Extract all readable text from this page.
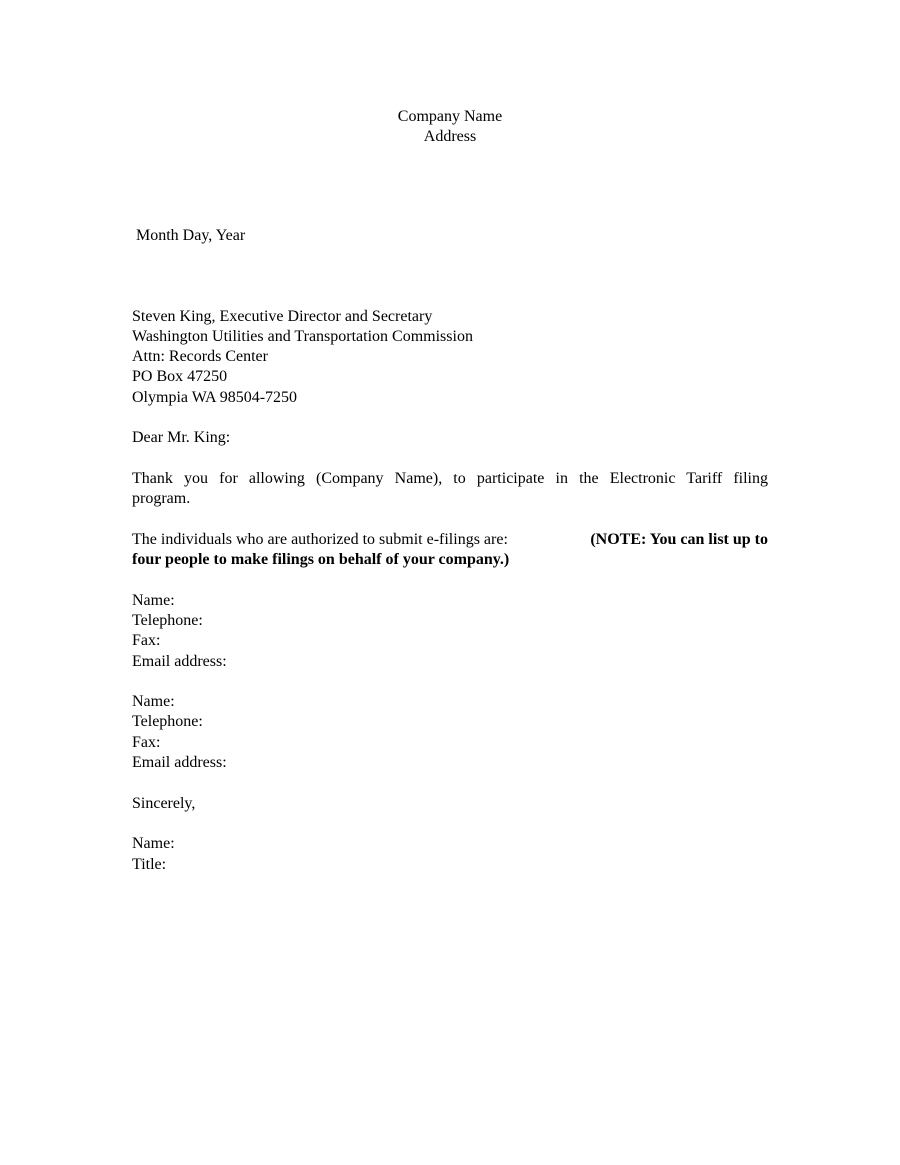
Company Name
Address
Month Day, Year
Steven King, Executive Director and Secretary
Washington Utilities and Transportation Commission
Attn: Records Center
PO Box 47250
Olympia WA 98504-7250
Dear Mr. King:
Thank you for allowing (Company Name), to participate in the Electronic Tariff filing
program.
The individuals who are authorized to submit e-filings are:	(NOTE: You can list up to
four people to make filings on behalf of your company.)
Name:
Telephone:
Fax:
Email address:
Name:
Telephone:
Fax:
Email address:
Sincerely,
Name:
Title:
